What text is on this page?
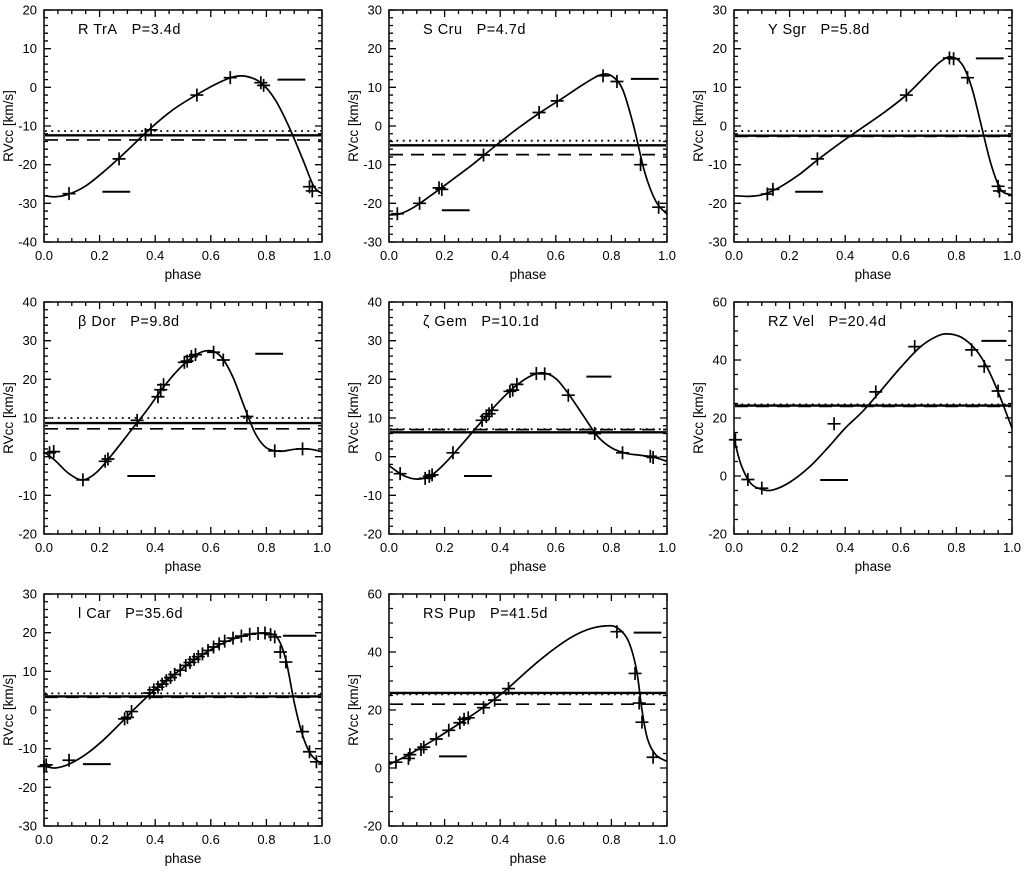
0.0	0.2	0.4	0.6	0.8	1.0
-40
-30
-20
-10
0
10
20
phase
RVcc [km/s]
R TrA P=3.4d
0.0	0.2	0.4	0.6	0.8	1.0
-30
-20
-10
0
10
20
30
phase
RVcc [km/s]
S Cru P=4.7d
0.0	0.2	0.4	0.6	0.8	1.0
-30
-20
-10
0
10
20
30
phase
RVcc [km/s]
Y Sgr P=5.8d
0.0	0.2	0.4	0.6	0.8	1.0
-20
-10
0
10
20
30
40
phase
RVcc [km/s]
β Dor P=9.8d
0.0	0.2	0.4	0.6	0.8	1.0
-20
-10
0
10
20
30
40
phase
RVcc [km/s]
ζ Gem P=10.1d
0.0	0.2	0.4	0.6	0.8	1.0
-20
0
20
40
60
phase
RVcc [km/s]
RZ Vel P=20.4d
0.0	0.2	0.4	0.6	0.8	1.0
-30
-20
-10
0
10
20
30
phase
RVcc [km/s]
l Car P=35.6d
0.0	0.2	0.4	0.6	0.8	1.0
-20
0
20
40
60
phase
RVcc [km/s]
RS Pup P=41.5d
